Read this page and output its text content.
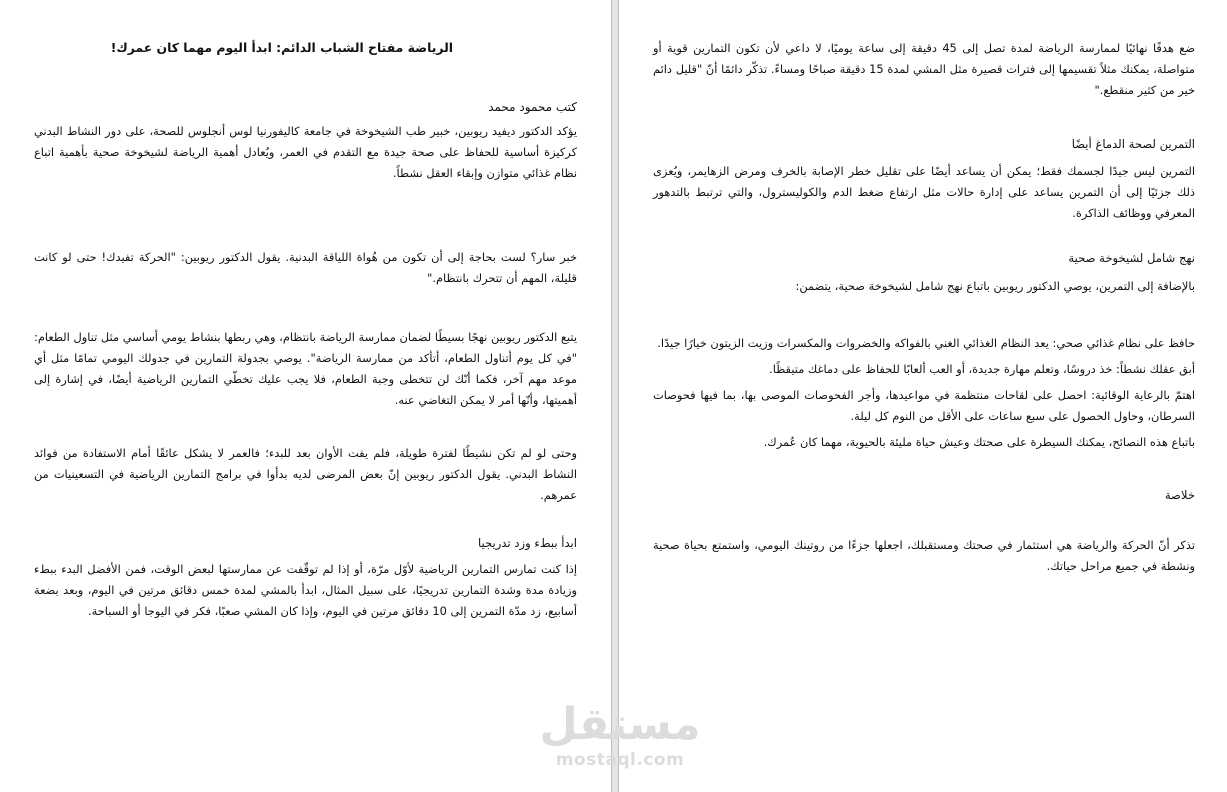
الرياضة مفتاح الشباب الدائم: ابدأ اليوم مهما كان عمرك!

كتب محمود محمد

يؤكد الدكتور ديفيد ريوبين، خبير طب الشيخوخة في جامعة كاليفورنيا لوس أنجلوس للصحة، على دور النشاط البدني كركيزة أساسية للحفاظ على صحة جيدة مع التقدم في العمر، ويُعادل أهمية الرياضة لشيخوخة صحية بأهمية اتباع نظام غذائي متوازن وإبقاء العقل نشطاً.

خبر سار؟ لست بحاجة إلى أن تكون من هُواة اللياقة البدنية. يقول الدكتور ريوبين: "الحركة تفيدك! حتى لو كانت قليلة، المهم أن تتحرك بانتظام."

يتبع الدكتور ريوبين نهجًا بسيطًا لضمان ممارسة الرياضة بانتظام، وهي ربطها بنشاط يومي أساسي مثل تناول الطعام: "في كل يوم أتناول الطعام، أتأكد من ممارسة الرياضة". يوصي بجدولة التمارين في جدولك اليومي تمامًا مثل أي موعد مهم آخر، فكما أنّك لن تتخطى وجبة الطعام، فلا يجب عليك تخطّي التمارين الرياضية أيضًا، في إشارة إلى أهميتها، وأنّها أمر لا يمكن التغاضي عنه.

وحتى لو لم تكن نشيطًا لفترة طويلة، فلم يفت الأوان بعد للبدء؛ فالعمر لا يشكل عائقًا أمام الاستفادة من فوائد النشاط البدني. يقول الدكتور ريوبين إنّ بعض المرضى لديه بدأوا في برامج التمارين الرياضية في التسعينيات من عمرهم.

ابدأ ببطء وزد تدريجيا

إذا كنت تمارس التمارين الرياضية لأوّل مرّة، أو إذا لم توقّفت عن ممارستها لبعض الوقت، فمن الأفضل البدء ببطء وزيادة مدة وشدة التمارين تدريجيًا، على سبيل المثال، ابدأ بالمشي لمدة خمس دقائق مرتين في اليوم، وبعد بضعة أسابيع، زد مدّة التمرين إلى 10 دقائق مرتين في اليوم، وإذا كان المشي صعبًا، فكر في اليوجا أو السباحة.

ضع هدفًا نهائيًا لممارسة الرياضة لمدة تصل إلى 45 دقيقة إلى ساعة يوميًا، لا داعي لأن تكون التمارين قوية أو متواصلة، يمكنك مثلاً تقسيمها إلى فترات قصيرة مثل المشي لمدة 15 دقيقة صباحًا ومساءً. تذكّر دائمًا أنّ "قليل دائم خير من كثير منقطع."

التمرين لصحة الدماغ أيضًا

التمرين ليس جيدًا لجسمك فقط؛ يمكن أن يساعد أيضًا على تقليل خطر الإصابة بالخرف ومرض الزهايمر، ويُعزى ذلك جزئيًا إلى أن التمرين يساعد على إدارة حالات مثل ارتفاع ضغط الدم والكوليسترول، والتي ترتبط بالتدهور المعرفي ووظائف الذاكرة.

نهج شامل لشيخوخة صحية

بالإضافة إلى التمرين، يوصي الدكتور ريوبين باتباع نهج شامل لشيخوخة صحية، يتضمن:

حافظ على نظام غذائي صحي: يعد النظام الغذائي الغني بالفواكه والخضروات والمكسرات وزيت الزيتون خيارًا جيدًا.

أبق عقلك نشطاً: خذ دروسًا، وتعلم مهارة جديدة، أو العب ألعابًا للحفاظ على دماغك متيقظًا.

اهتمّ بالرعاية الوقائية: احصل على لقاحات منتظمة في مواعيدها، وأجر الفحوصات الموصى بها، بما فيها فحوصات السرطان، وحاول الحصول على سبع ساعات على الأقل من النوم كل ليلة.

باتباع هذه النصائح، يمكنك السيطرة على صحتك وعيش حياة مليئة بالحيوية، مهما كان عُمرك.

خلاصة

تذكر أنّ الحركة والرياضة هي استثمار في صحتك ومستقبلك، اجعلها جزءًا من روتينك اليومي، واستمتع بحياة صحية ونشطة في جميع مراحل حياتك.

مستقل
mostaql.com
